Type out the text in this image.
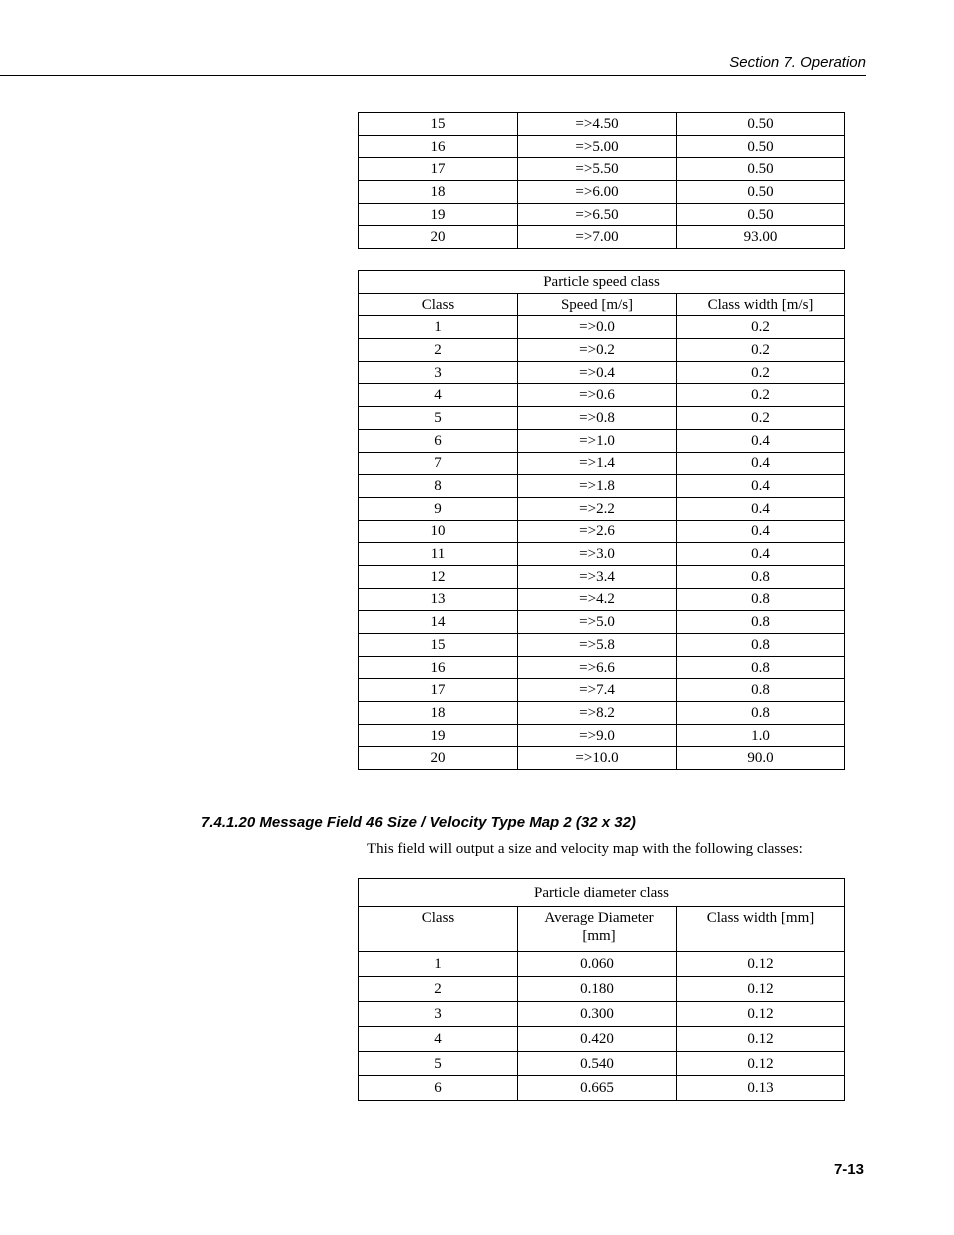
Section 7. Operation
15	=>4.50	0.50
16	=>5.00	0.50
17	=>5.50	0.50
18	=>6.00	0.50
19	=>6.50	0.50
20	=>7.00	93.00
Particle speed class		
Class	Speed [m/s]	Class width [m/s]
1	=>0.0	0.2
2	=>0.2	0.2
3	=>0.4	0.2
4	=>0.6	0.2
5	=>0.8	0.2
6	=>1.0	0.4
7	=>1.4	0.4
8	=>1.8	0.4
9	=>2.2	0.4
10	=>2.6	0.4
11	=>3.0	0.4
12	=>3.4	0.8
13	=>4.2	0.8
14	=>5.0	0.8
15	=>5.8	0.8
16	=>6.6	0.8
17	=>7.4	0.8
18	=>8.2	0.8
19	=>9.0	1.0
20	=>10.0	90.0
7.4.1.20 Message Field 46 Size / Velocity Type Map 2 (32 x 32)
This field will output a size and velocity map with the following classes:
Particle diameter class		
Class	Average Diameter [mm]	Class width [mm]
1	0.060	0.12
2	0.180	0.12
3	0.300	0.12
4	0.420	0.12
5	0.540	0.12
6	0.665	0.13
7-13
